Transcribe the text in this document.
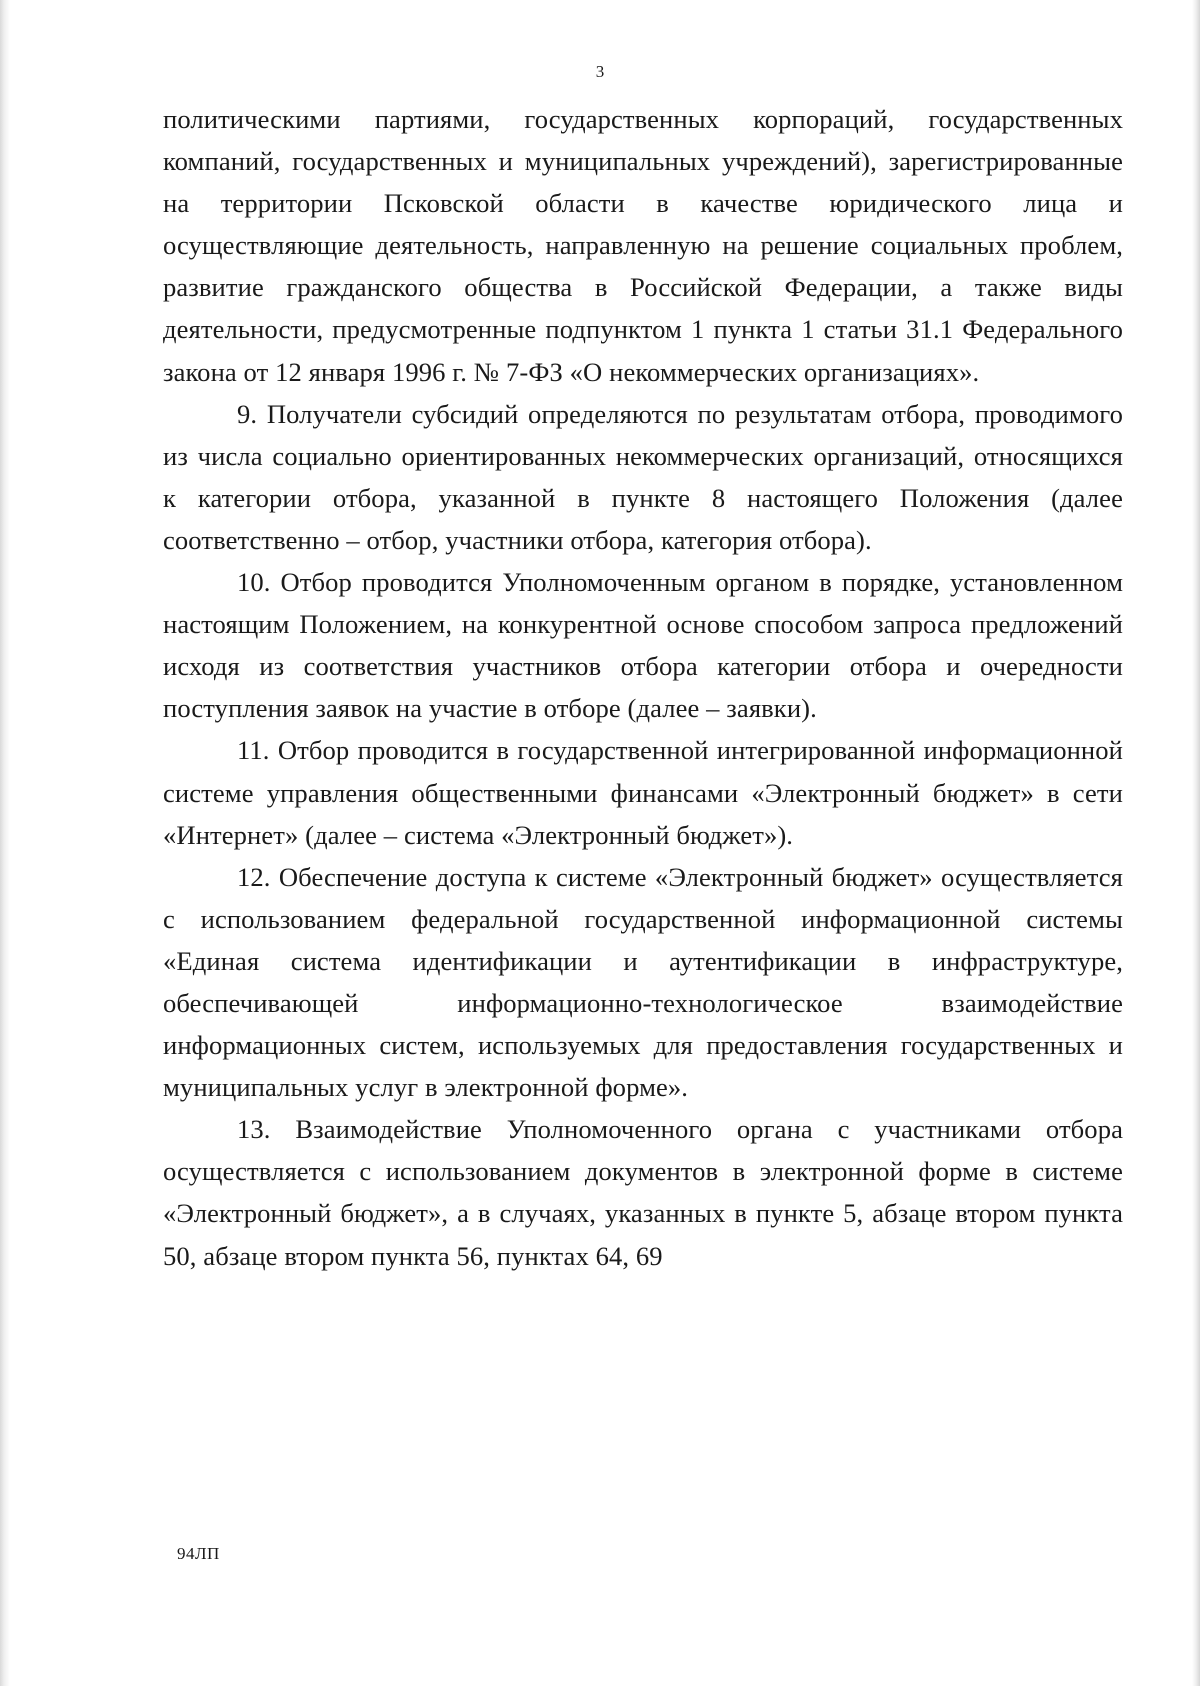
3

политическими партиями, государственных корпораций, государственных компаний, государственных и муниципальных учреждений), зарегистрированные на территории Псковской области в качестве юридического лица и осуществляющие деятельность, направленную на решение социальных проблем, развитие гражданского общества в Российской Федерации, а также виды деятельности, предусмотренные подпунктом 1 пункта 1 статьи 31.1 Федерального закона от 12 января 1996 г. № 7-ФЗ «О некоммерческих организациях».

9. Получатели субсидий определяются по результатам отбора, проводимого из числа социально ориентированных некоммерческих организаций, относящихся к категории отбора, указанной в пункте 8 настоящего Положения (далее соответственно – отбор, участники отбора, категория отбора).

10. Отбор проводится Уполномоченным органом в порядке, установленном настоящим Положением, на конкурентной основе способом запроса предложений исходя из соответствия участников отбора категории отбора и очередности поступления заявок на участие в отборе (далее – заявки).

11. Отбор проводится в государственной интегрированной информационной системе управления общественными финансами «Электронный бюджет» в сети «Интернет» (далее – система «Электронный бюджет»).

12. Обеспечение доступа к системе «Электронный бюджет» осуществляется с использованием федеральной государственной информационной системы «Единая система идентификации и аутентификации в инфраструктуре, обеспечивающей информационно-технологическое взаимодействие информационных систем, используемых для предоставления государственных и муниципальных услуг в электронной форме».

13. Взаимодействие Уполномоченного органа с участниками отбора осуществляется с использованием документов в электронной форме в системе «Электронный бюджет», а в случаях, указанных в пункте 5, абзаце втором пункта 50, абзаце втором пункта 56, пунктах 64, 69

94ЛП
